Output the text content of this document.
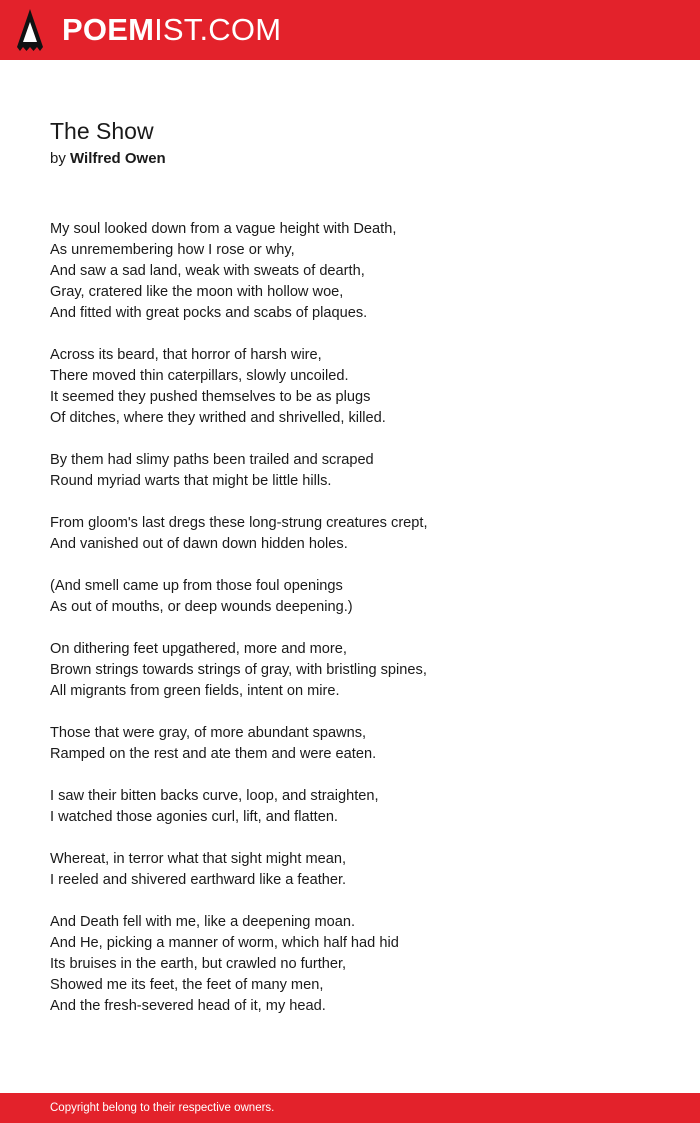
POEMIST.COM
The Show
by Wilfred Owen
My soul looked down from a vague height with Death,
As unremembering how I rose or why,
And saw a sad land, weak with sweats of dearth,
Gray, cratered like the moon with hollow woe,
And fitted with great pocks and scabs of plaques.
Across its beard, that horror of harsh wire,
There moved thin caterpillars, slowly uncoiled.
It seemed they pushed themselves to be as plugs
Of ditches, where they writhed and shrivelled, killed.
By them had slimy paths been trailed and scraped
Round myriad warts that might be little hills.
From gloom's last dregs these long-strung creatures crept,
And vanished out of dawn down hidden holes.
(And smell came up from those foul openings
As out of mouths, or deep wounds deepening.)
On dithering feet upgathered, more and more,
Brown strings towards strings of gray, with bristling spines,
All migrants from green fields, intent on mire.
Those that were gray, of more abundant spawns,
Ramped on the rest and ate them and were eaten.
I saw their bitten backs curve, loop, and straighten,
I watched those agonies curl, lift, and flatten.
Whereat, in terror what that sight might mean,
I reeled and shivered earthward like a feather.
And Death fell with me, like a deepening moan.
And He, picking a manner of worm, which half had hid
Its bruises in the earth, but crawled no further,
Showed me its feet, the feet of many men,
And the fresh-severed head of it, my head.
Copyright belong to their respective owners.
